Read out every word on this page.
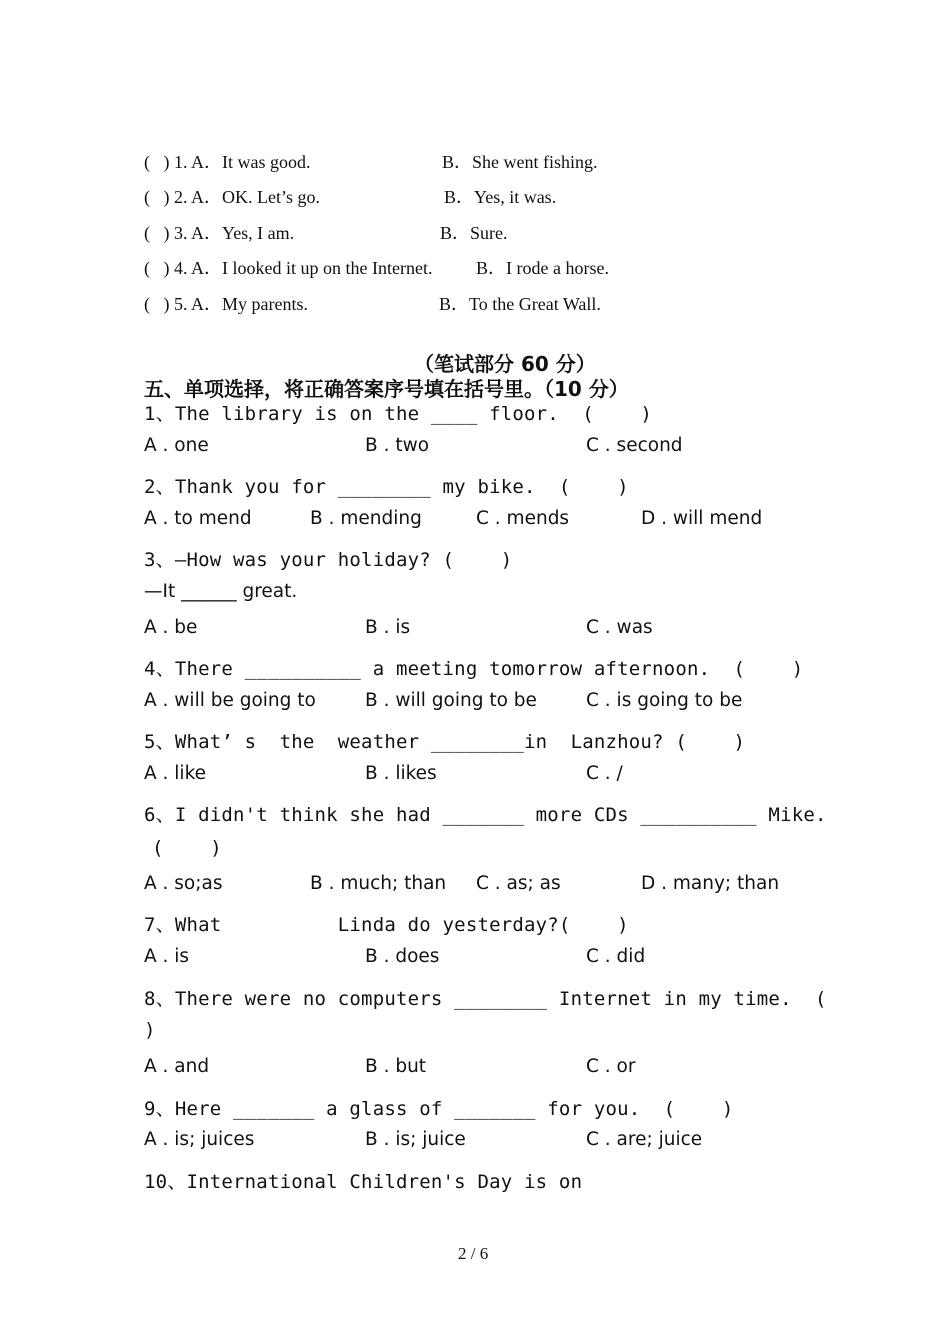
(   ) 1. A．It was good.	B．She went fishing.
(   ) 2. A．OK. Let’s go.	B．Yes, it was.
(   ) 3. A．Yes, I am.	B．Sure.
(   ) 4. A．I looked it up on the Internet. B．I rode a horse.
(   ) 5. A．My parents.	B．To the Great Wall.
（笔试部分 60 分）
五、单项选择，将正确答案序号填在括号里。（10 分）
1、The library is on the ____ floor.  (    )
A . one	B . two	C . second
2、Thank you for ________ my bike.  (    )
A . to mend	B . mending	C . mends	D . will mend
3、—How was your holiday? (    )
—It ______ great.
A . be	B . is	C . was
4、There __________ a meeting tomorrow afternoon.  (    )
A . will be going to	B . will going to be	C . is going to be
5、What’ s  the  weather ________in  Lanzhou? (    )
A . like	B . likes	C . /
6、I didn't think she had _______ more CDs __________ Mike.
(    )
A . so;as	B . much; than C . as; as	D . many; than
7、What          Linda do yesterday?(    )
A . is	B . does	C . did
8、There were no computers ________ Internet in my time.  (
)
A . and	B . but	C . or
9、Here _______ a glass of _______ for you.  (    )
A . is; juices	B . is; juice	C . are; juice
10、International Children's Day is on
2 / 6
